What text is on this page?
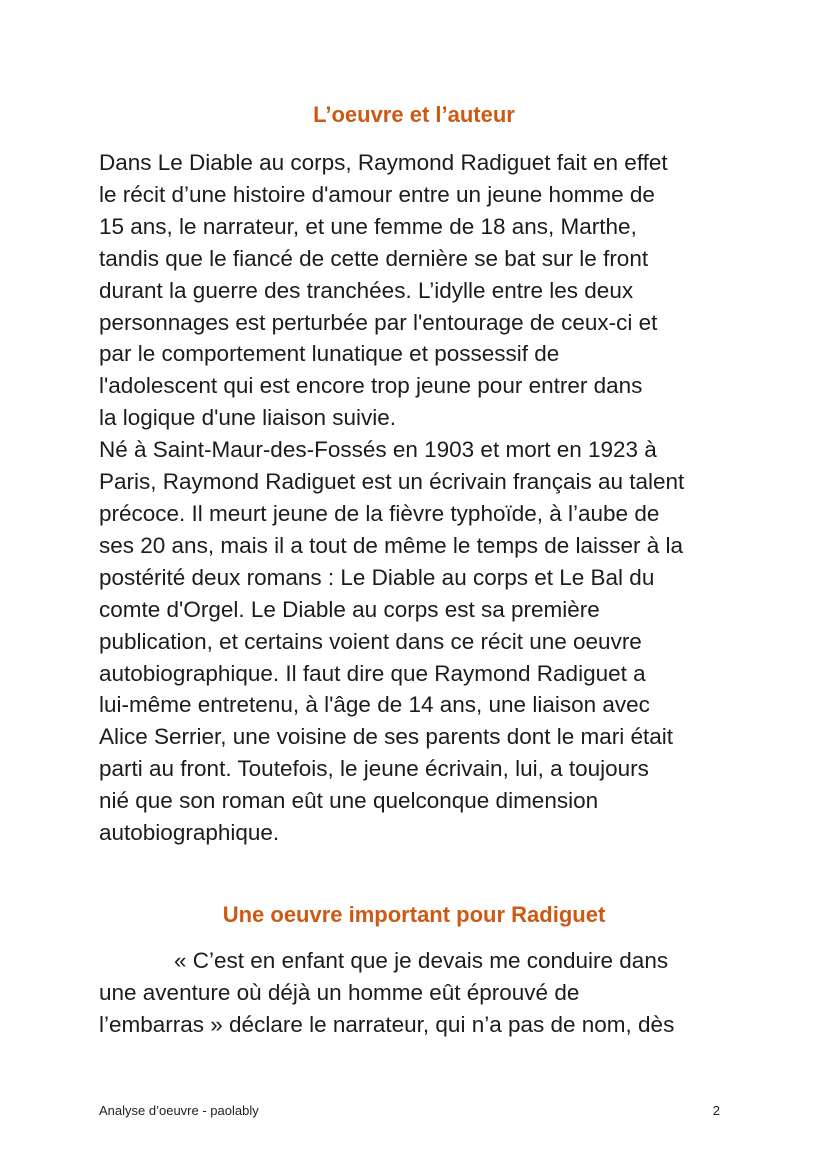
L’oeuvre et l’auteur
Dans Le Diable au corps, Raymond Radiguet fait en effet
le récit d’une histoire d'amour entre un jeune homme de
15 ans, le narrateur, et une femme de 18 ans, Marthe,
tandis que le fiancé de cette dernière se bat sur le front
durant la guerre des tranchées. L’idylle entre les deux
personnages est perturbée par l'entourage de ceux-ci et
par le comportement lunatique et possessif de
l'adolescent qui est encore trop jeune pour entrer dans
la logique d'une liaison suivie.
Né à Saint-Maur-des-Fossés en 1903 et mort en 1923 à
Paris, Raymond Radiguet est un écrivain français au talent
précoce. Il meurt jeune de la fièvre typhoïde, à l’aube de
ses 20 ans, mais il a tout de même le temps de laisser à la
postérité deux romans : Le Diable au corps et Le Bal du
comte d'Orgel. Le Diable au corps est sa première
publication, et certains voient dans ce récit une oeuvre
autobiographique. Il faut dire que Raymond Radiguet a
lui-même entretenu, à l'âge de 14 ans, une liaison avec
Alice Serrier, une voisine de ses parents dont le mari était
parti au front. Toutefois, le jeune écrivain, lui, a toujours
nié que son roman eût une quelconque dimension
autobiographique.
Une oeuvre important pour Radiguet
« C’est en enfant que je devais me conduire dans
une aventure où déjà un homme eût éprouvé de
l’embarras » déclare le narrateur, qui n’a pas de nom, dès
Analyse d’oeuvre - paolably	2
